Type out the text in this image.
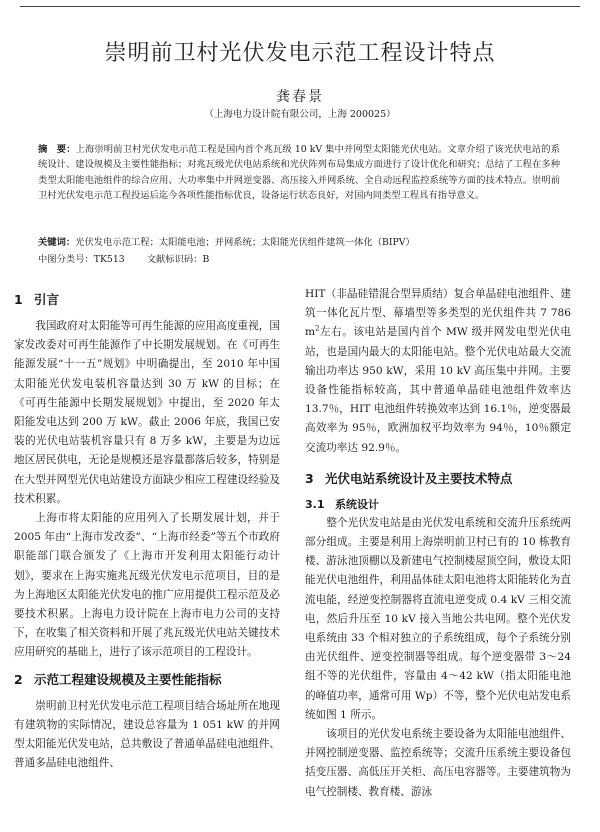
崇明前卫村光伏发电示范工程设计特点
龚春景
（上海电力设计院有限公司，上海 200025）
摘　要：上海崇明前卫村光伏发电示范工程是国内首个兆瓦级 10 kV 集中并网型太阳能光伏电站。文章介绍了该光伏电站的系统设计、建设规模及主要性能指标；对兆瓦级光伏电站系统和光伏阵列布局集成方面进行了设计优化和研究；总结了工程在多种类型太阳能电池组件的综合应用、大功率集中并网逆变器、高压接入并网系统、全自动远程监控系统等方面的技术特点。崇明前卫村光伏发电示范工程投运后迄今各项性能指标优良，设备运行状态良好，对国内同类型工程具有指导意义。
关键词：光伏发电示范工程；太阳能电池；并网系统；太阳能光伏组件建筑一体化（BIPV）
中图分类号：TK513 文献标识码：B
1 引言

我国政府对太阳能等可再生能源的应用高度重视，国家发改委对可再生能源作了中长期发展规划。在《可再生能源发展“十一五”规划》中明确提出，至 2010 年中国太阳能光伏发电装机容量达到 30 万 kW 的目标；在《可再生能源中长期发展规划》中提出，至 2020 年太阳能发电达到 200 万 kW。截止 2006 年底，我国已安装的光伏电站装机容量只有 8 万多 kW，主要是为边远地区居民供电，无论是规模还是容量都落后较多，特别是在大型并网型光伏电站建设方面缺少相应工程建设经验及技术积累。

上海市将太阳能的应用列入了长期发展计划，并于 2005 年由“上海市发改委”、“上海市经委”等五个市政府职能部门联合颁发了《上海市开发利用太阳能行动计划》，要求在上海实施兆瓦级光伏发电示范项目，目的是为上海地区太阳能光伏发电的推广应用提供工程示范及必要技术积累。上海电力设计院在上海市电力公司的支持下，在收集了相关资料和开展了兆瓦级光伏电站关键技术应用研究的基础上，进行了该示范项目的工程设计。

2 示范工程建设规模及主要性能指标

崇明前卫村光伏发电示范工程项目结合场址所在地现有建筑物的实际情况，建设总容量为 1 051 kW 的并网型太阳能光伏发电站，总共敷设了普通单晶硅电池组件、普通多晶硅电池组件、

HIT（非晶硅错混合型异质结）复合单晶硅电池组件、建筑一体化瓦片型、幕墙型等多类型的光伏组件共 7 786 $m^2$左右。该电站是国内首个 MW 级并网发电型光伏电站，也是国内最大的太阳能电站。整个光伏电站最大交流输出功率达 950 kW，采用 10 kV 高压集中并网。主要设备性能指标较高，其中普通单晶硅电池组件效率达 13.7％，HIT 电池组件转换效率达到 16.1％，逆变器最高效率为 95％，欧洲加权平均效率为 94％，10％额定交流功率达 92.9％。

3 光伏电站系统设计及主要技术特点
3.1 系统设计

整个光伏发电站是由光伏发电系统和交流升压系统两部分组成。主要是利用上海崇明前卫村已有的 10 栋教育楼、游泳池顶棚以及新建电气控制楼屋顶空间，敷设太阳能光伏电池组件，利用晶体硅太阳电池将太阳能转化为直流电能，经逆变控制器将直流电逆变成 0.4 kV 三相交流电，然后升压至 10 kV 接入当地公共电网。整个光伏发电系统由 33 个相对独立的子系统组成，每个子系统分别由光伏组件、逆变控制器等组成。每个逆变器带 3～24 组不等的光伏组件，容量由 4～42 kW（指太阳能电池的峰值功率，通常可用 Wp）不等，整个光伏电站发电系统如图 1 所示。

该项目的光伏发电系统主要设备为太阳能电池组件、并网控制逆变器、监控系统等；交流升压系统主要设备包括变压器、高低压开关柜、高压电容器等。主要建筑物为电气控制楼、教育楼、游泳
